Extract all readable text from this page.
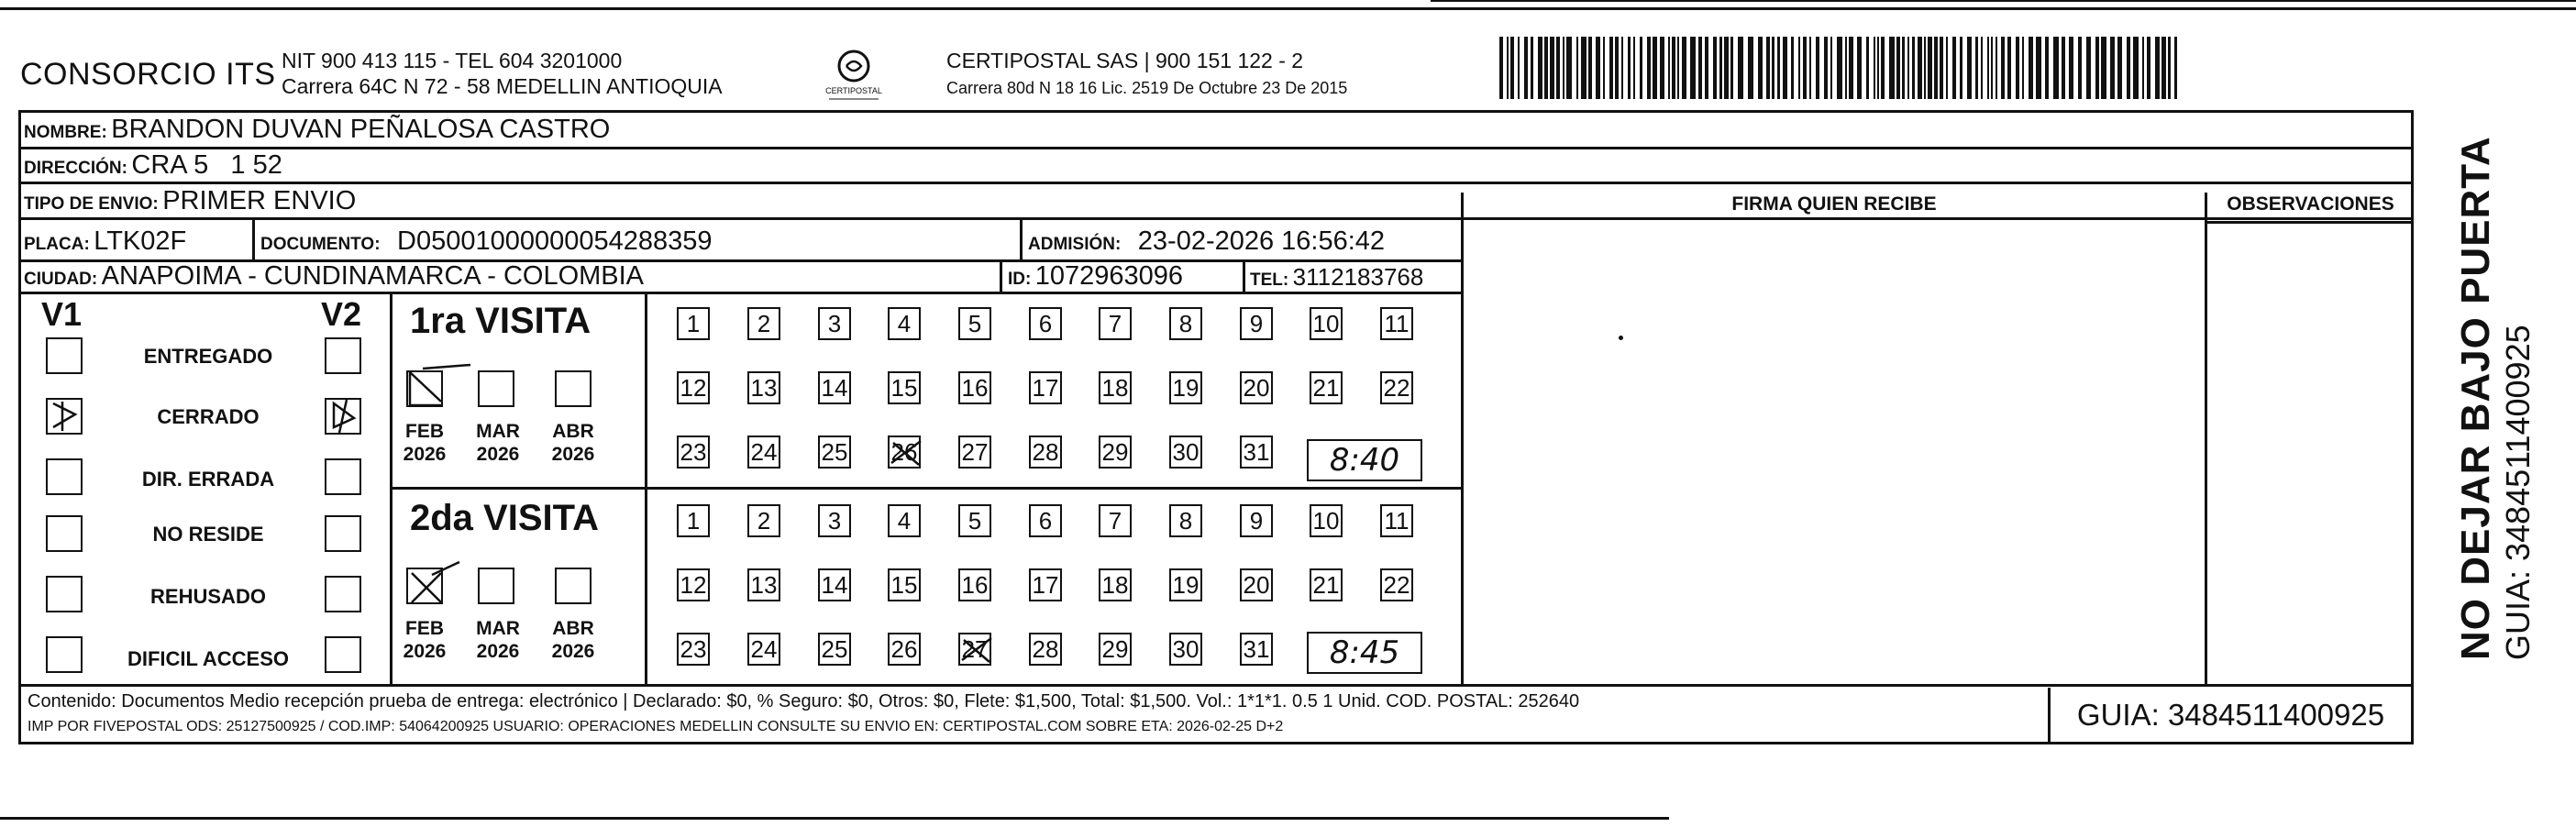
CONSORCIO ITS NIT 900 413 115 - TEL 604 3201000
Carrera 64C N 72 - 58 MEDELLIN ANTIOQUIA	CERTIPOSTAL
CERTIPOSTAL SAS | 900 151 122 - 2
Carrera 80d N 18 16 Lic. 2519 De Octubre 23 De 2015
NOMBRE: BRANDON DUVAN PEÑALOSA CASTRO
DIRECCIÓN: CRA 5   1 52
TIPO DE ENVIO: PRIMER ENVIO
PLACA: LTK02F	DOCUMENTO: D05001000000054288359	ADMISIÓN: 23-02-2026 16:56:42
CIUDAD: ANAPOIMA - CUNDINAMARCA - COLOMBIA	ID: 1072963096	TEL: 3112183768
FIRMA QUIEN RECIBE	OBSERVACIONES
V1	V2
ENTREGADO
CERRADO
DIR. ERRADA
NO RESIDE
REHUSADO
DIFICIL ACCESO
1ra VISITA
FEB 2026
MAR 2026
ABR 2026
1	2	3	4	5	6	7	8	9	10 11
12 13 14 15 16 17 18 19 20 21 22
23 24 25 26 27 28 29 30 31	8:40
2da VISITA
FEB 2026
MAR 2026
ABR 2026
1	2	3	4	5	6	7	8	9	10 11
12 13 14 15 16 17 18 19 20 21 22
23 24 25 26 27 28 29 30 31	8:45	NO DEJAR BAJO PUERTA GUIA: 3484511400925
Contenido: Documentos Medio recepción prueba de entrega: electrónico | Declarado: $0, % Seguro: $0, Otros: $0, Flete: $1,500, Total: $1,500. Vol.: 1*1*1. 0.5 1 Unid. COD. POSTAL: 252640
IMP POR FIVEPOSTAL ODS: 25127500925 / COD.IMP: 54064200925 USUARIO: OPERACIONES MEDELLIN CONSULTE SU ENVIO EN: CERTIPOSTAL.COM SOBRE ETA: 2026-02-25 D+2	GUIA: 3484511400925
